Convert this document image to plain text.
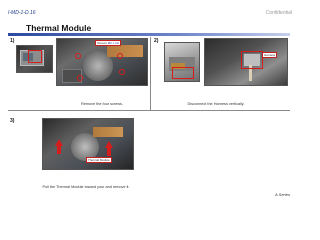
I-MD-1-D.16	Confidential
Thermal Module
1)	Screws M2 x 3H
Remove the four screws.
2)
Harness
Disconnect the Harness vertically.
3)
Thermal Module
Pull the Thermal Module toward your and remove it.
A Series
